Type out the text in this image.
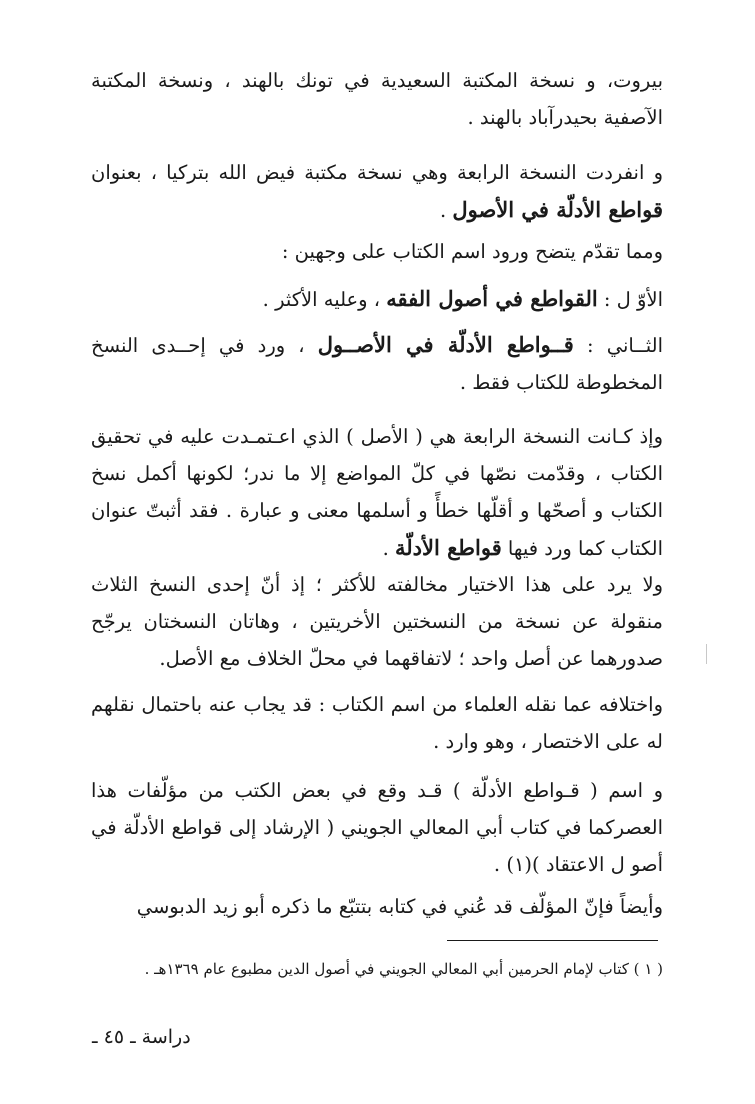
بيروت، و نسخة المكتبة السعيدية في تونك بالهند ، ونسخة المكتبة الآصفية بحيدرآباد بالهند .

و انفردت النسخة الرابعة وهي نسخة مكتبة فيض الله بتركيا ، بعنوان قواطع الأدلّة في الأصول .

ومما تقدّم يتضح ورود اسم الكتاب على وجهين :

الأوّ ل : القواطع في أصول الفقه ، وعليه الأكثر .

الثــاني : قــواطع الأدلّة في الأصــول ، ورد في إحــدى النسخ المخطوطة للكتاب فقط .

وإذ كـانت النسخة الرابعة هي ( الأصل ) الذي اعـتمـدت عليه في تحقيق الكتاب ، وقدّمت نصّها في كلّ المواضع إلا ما ندر؛ لكونها أكمل نسخ الكتاب و أصحّها و أقلّها خطأً و أسلمها معنى و عبارة . فقد أثبتّ عنوان الكتاب كما ورد فيها قواطع الأدلّة .

ولا يرد على هذا الاختيار مخالفته للأكثر ؛ إذ أنّ إحدى النسخ الثلاث منقولة عن نسخة من النسختين الأخريتين ، وهاتان النسختان يرجّح صدورهما عن أصل واحد ؛ لاتفاقهما في محلّ الخلاف مع الأصل.

واختلافه عما نقله العلماء من اسم الكتاب : قد يجاب عنه باحتمال نقلهم له على الاختصار ، وهو وارد .

و اسم ( قـواطع الأدلّة ) قـد وقع في بعض الكتب من مؤلّفات هذا العصركما في كتاب أبي المعالي الجويني ( الإرشاد إلى قواطع الأدلّة في أصو ل الاعتقاد )(١) .

وأيضاً فإنّ المؤلّف قد عُني في كتابه بتتبّع ما ذكره أبو زيد الدبوسي

( ١ ) كتاب لإمام الحرمين أبي المعالي الجويني في أصول الدين مطبوع عام ١٣٦٩هـ .
دراسة ـ ٤٥ ـ
